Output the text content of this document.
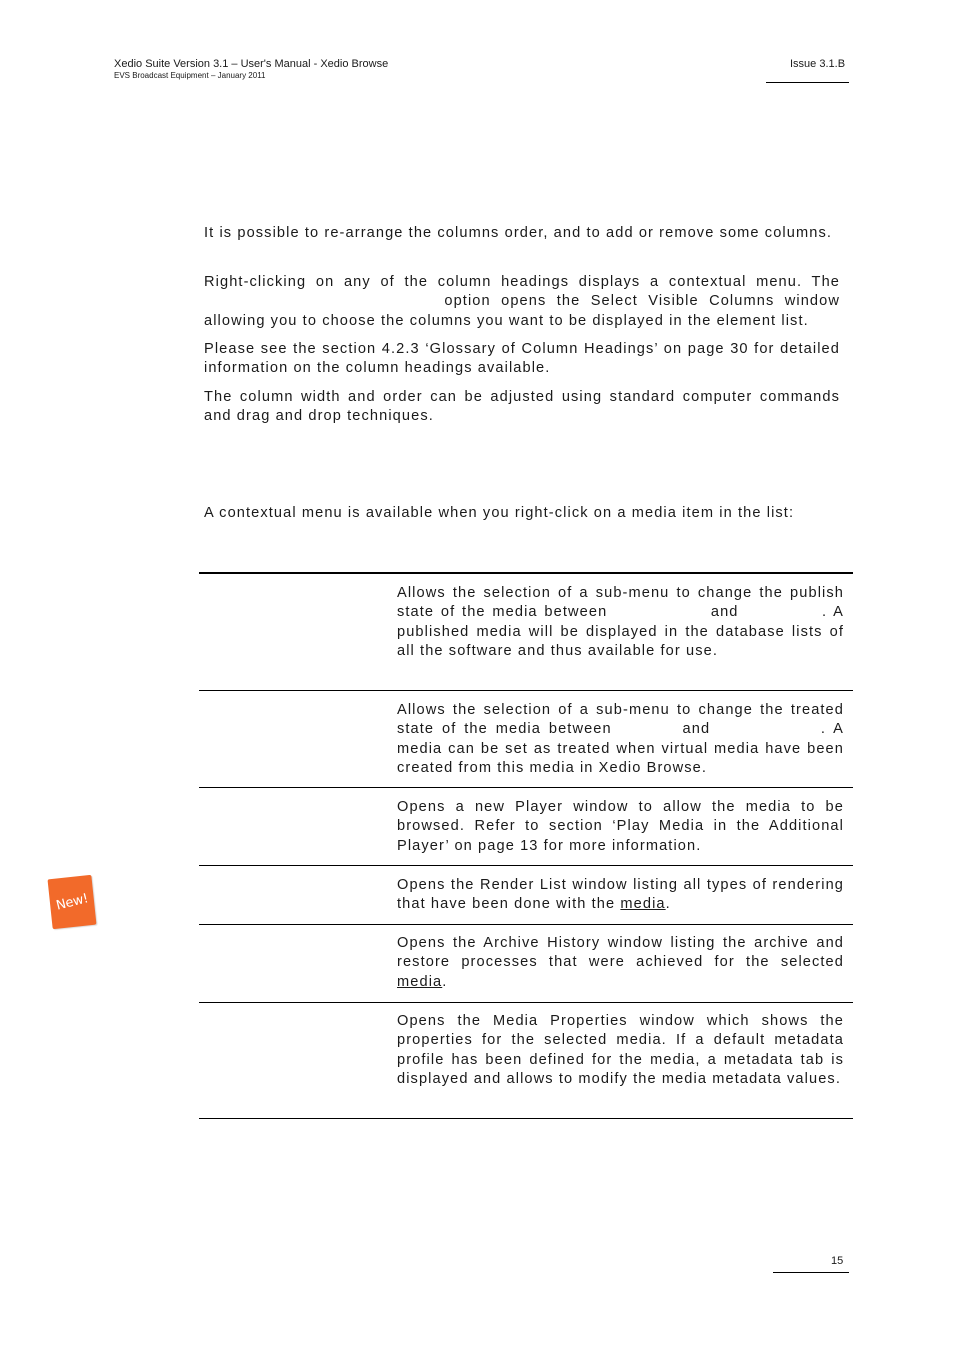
Xedio Suite Version 3.1 – User's Manual - Xedio Browse
EVS Broadcast Equipment – January 2011
Issue 3.1.B

It is possible to re-arrange the columns order, and to add or remove some columns.

Right-clicking on any of the column headings displays a contextual menu. The  option opens the Select Visible Columns window allowing you to choose the columns you want to be displayed in the element list.

Please see the section 4.2.3 ‘Glossary of Column Headings’ on page 30 for detailed information on the column headings available.

The column width and order can be adjusted using standard computer commands and drag and drop techniques.

A contextual menu is available when you right-click on a media item in the list:

Allows the selection of a sub-menu to change the publish state of the media between	and	. A published media will be displayed in the database lists of all the software and thus available for use.
Allows the selection of a sub-menu to change the treated state of the media between	and	. A media can be set as treated when virtual media have been created from this media in Xedio Browse.
Opens a new Player window to allow the media to be browsed. Refer to section ‘Play Media in the Additional Player’ on page 13 for more information.
Opens the Render List window listing all types of rendering that have been done with the media.
Opens the Archive History window listing the archive and restore processes that were achieved for the selected media.
Opens the Media Properties window which shows the properties for the selected media. If a default metadata profile has been defined for the media, a metadata tab is displayed and allows to modify the media metadata values.
New!
15
